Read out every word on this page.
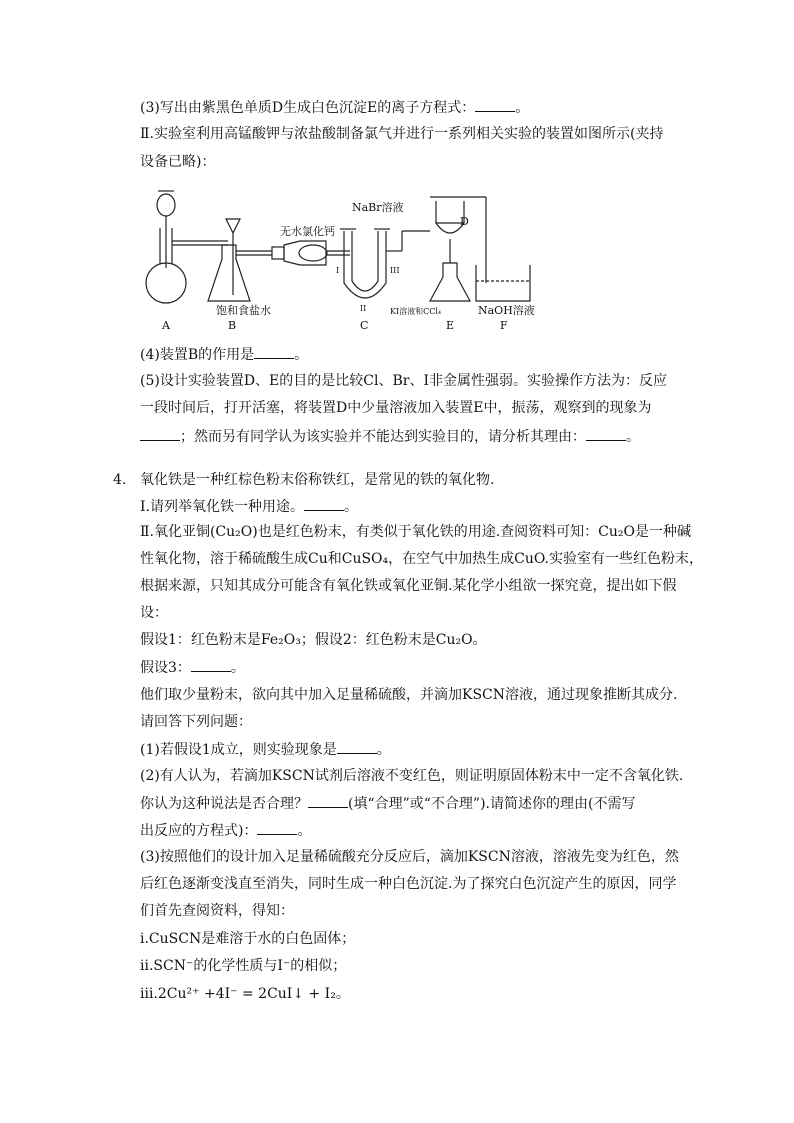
(3)写出由紫黑色单质D生成白色沉淀E的离子方程式：	。
Ⅱ.实验室利用高锰酸钾与浓盐酸制备氯气并进行一系列相关实验的装置如图所示(夹持
设备已略)：
饱和食盐水
无水氯化钙
NaBr溶液
NaOH溶液
D
KI溶液和CCl₄
I
II
III
A	B	C	E	F
(4)装置B的作用是	。
(5)设计实验装置D、E的目的是比较Cl、Br、I非金属性强弱。实验操作方法为：反应
一段时间后，打开活塞，将装置D中少量溶液加入装置E中，振荡，观察到的现象为
；然而另有同学认为该实验并不能达到实验目的，请分析其理由：	。
4. 氧化铁是一种红棕色粉末俗称铁红，是常见的铁的氧化物.
Ⅰ.请列举氧化铁一种用途。	。
Ⅱ.氧化亚铜(Cu₂O)也是红色粉末，有类似于氧化铁的用途.查阅资料可知：Cu₂O是一种碱
性氧化物，溶于稀硫酸生成Cu和CuSO₄，在空气中加热生成CuO.实验室有一些红色粉末，
根据来源，只知其成分可能含有氧化铁或氧化亚铜.某化学小组欲一探究竟，提出如下假
设：
假设1：红色粉末是Fe₂O₃；假设2：红色粉末是Cu₂O。
假设3：	。
他们取少量粉末，欲向其中加入足量稀硫酸，并滴加KSCN溶液，通过现象推断其成分.
请回答下列问题：
(1)若假设1成立，则实验现象是	。
(2)有人认为，若滴加KSCN试剂后溶液不变红色，则证明原固体粉末中一定不含氧化铁.
你认为这种说法是否合理？	(填“合理”或“不合理”).请简述你的理由(不需写
出反应的方程式)：	。
(3)按照他们的设计加入足量稀硫酸充分反应后，滴加KSCN溶液，溶液先变为红色，然
后红色逐渐变浅直至消失，同时生成一种白色沉淀.为了探究白色沉淀产生的原因，同学
们首先查阅资料，得知：
ⅰ.CuSCN是难溶于水的白色固体；
ⅱ.SCN⁻的化学性质与I⁻的相似；
ⅲ.2Cu²⁺ +4I⁻ = 2CuI↓ + I₂。
